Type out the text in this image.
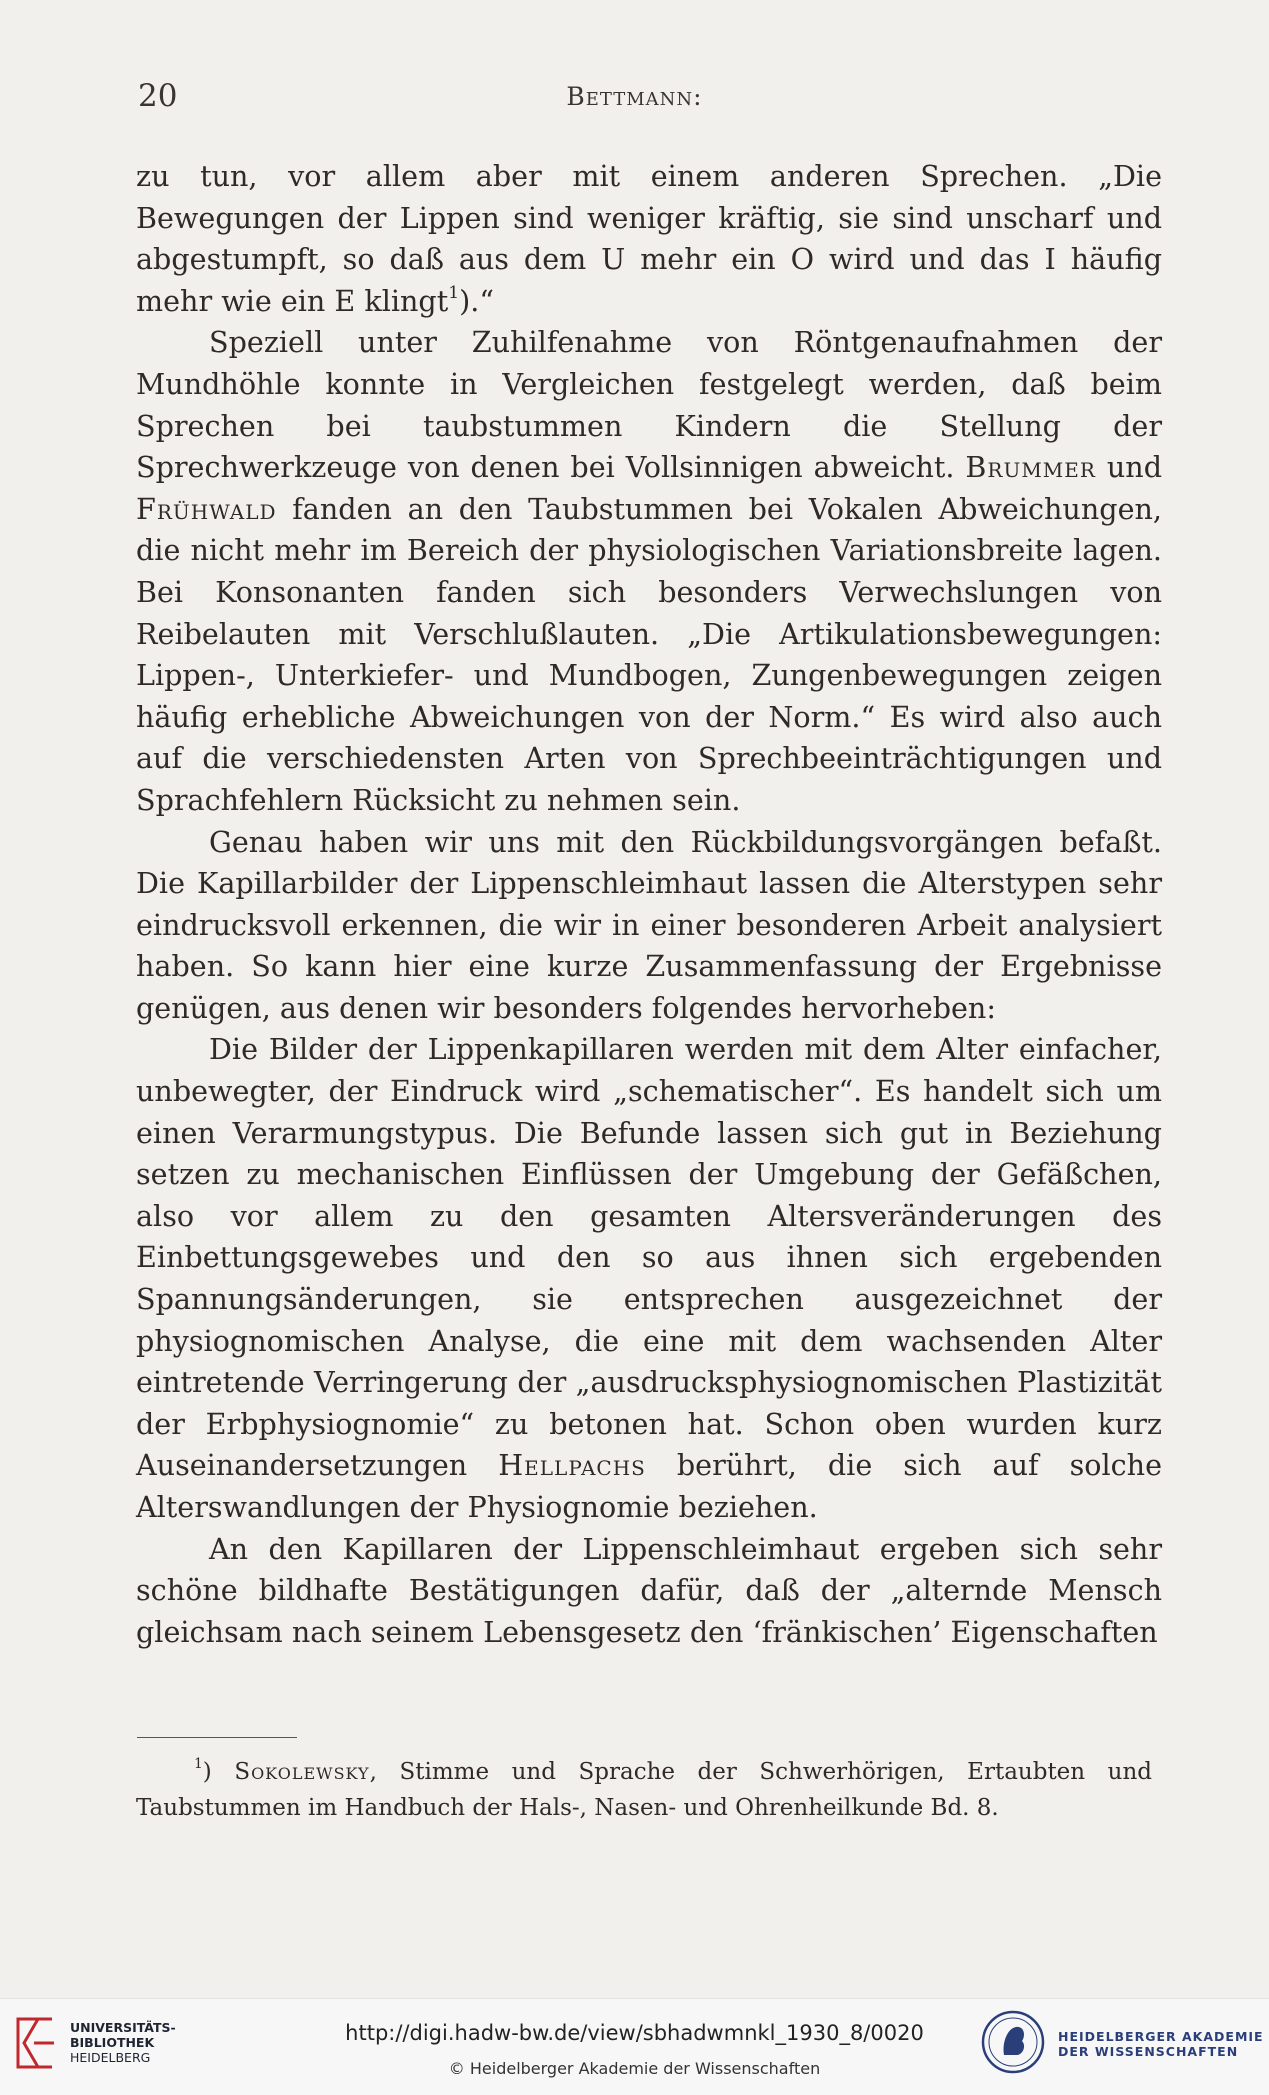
20	Bettmann:

zu tun, vor allem aber mit einem anderen Sprechen. „Die Bewegungen der Lippen sind weniger kräftig, sie sind unscharf und abgestumpft, so daß aus dem U mehr ein O wird und das I häufig mehr wie ein E klingt$^1$).“

Speziell unter Zuhilfenahme von Röntgenaufnahmen der Mundhöhle konnte in Vergleichen festgelegt werden, daß beim Sprechen bei taubstummen Kindern die Stellung der Sprechwerkzeuge von denen bei Vollsinnigen abweicht. Brummer und Frühwald fanden an den Taubstummen bei Vokalen Abweichungen, die nicht mehr im Bereich der physiologischen Variationsbreite lagen. Bei Konsonanten fanden sich besonders Verwechslungen von Reibelauten mit Verschlußlauten. „Die Artikulationsbewegungen: Lippen-, Unterkiefer- und Mundbogen, Zungenbewegungen zeigen häufig erhebliche Abweichungen von der Norm.“ Es wird also auch auf die verschiedensten Arten von Sprechbeeinträchtigungen und Sprachfehlern Rücksicht zu nehmen sein.

Genau haben wir uns mit den Rückbildungsvorgängen befaßt. Die Kapillarbilder der Lippenschleimhaut lassen die Alterstypen sehr eindrucksvoll erkennen, die wir in einer besonderen Arbeit analysiert haben. So kann hier eine kurze Zusammenfassung der Ergebnisse genügen, aus denen wir besonders folgendes hervorheben:

Die Bilder der Lippenkapillaren werden mit dem Alter einfacher, unbewegter, der Eindruck wird „schematischer“. Es handelt sich um einen Verarmungstypus. Die Befunde lassen sich gut in Beziehung setzen zu mechanischen Einflüssen der Umgebung der Gefäßchen, also vor allem zu den gesamten Altersveränderungen des Einbettungsgewebes und den so aus ihnen sich ergebenden Spannungsänderungen, sie entsprechen ausgezeichnet der physiognomischen Analyse, die eine mit dem wachsenden Alter eintretende Verringerung der „ausdrucksphysiognomischen Plastizität der Erbphysiognomie“ zu betonen hat. Schon oben wurden kurz Auseinandersetzungen Hellpachs berührt, die sich auf solche Alterswandlungen der Physiognomie beziehen.

An den Kapillaren der Lippenschleimhaut ergeben sich sehr schöne bildhafte Bestätigungen dafür, daß der „alternde Mensch gleichsam nach seinem Lebensgesetz den ‘fränkischen’ Eigenschaften

$^1$) Sokolewsky, Stimme und Sprache der Schwerhörigen, Ertaubten und Taubstummen im Handbuch der Hals-, Nasen- und Ohrenheilkunde Bd. 8.

UNIVERSITÄTS-
BIBLIOTHEK
HEIDELBERG
http://digi.hadw-bw.de/view/sbhadwmnkl_1930_8/0020
© Heidelberger Akademie der Wissenschaften
HEIDELBERGER AKADEMIE
DER WISSENSCHAFTEN
